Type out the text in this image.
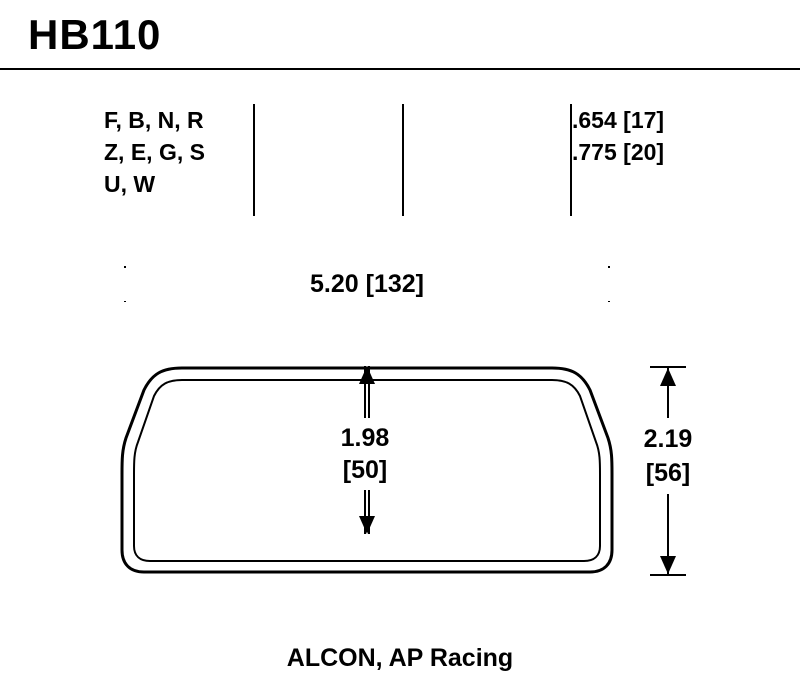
HB110
F, B, N, R
Z, E, G, S
U, W
.654 [17]
.775 [20]
5.20 [132]
1.98
[50]
2.19
[56]
ALCON, AP Racing
